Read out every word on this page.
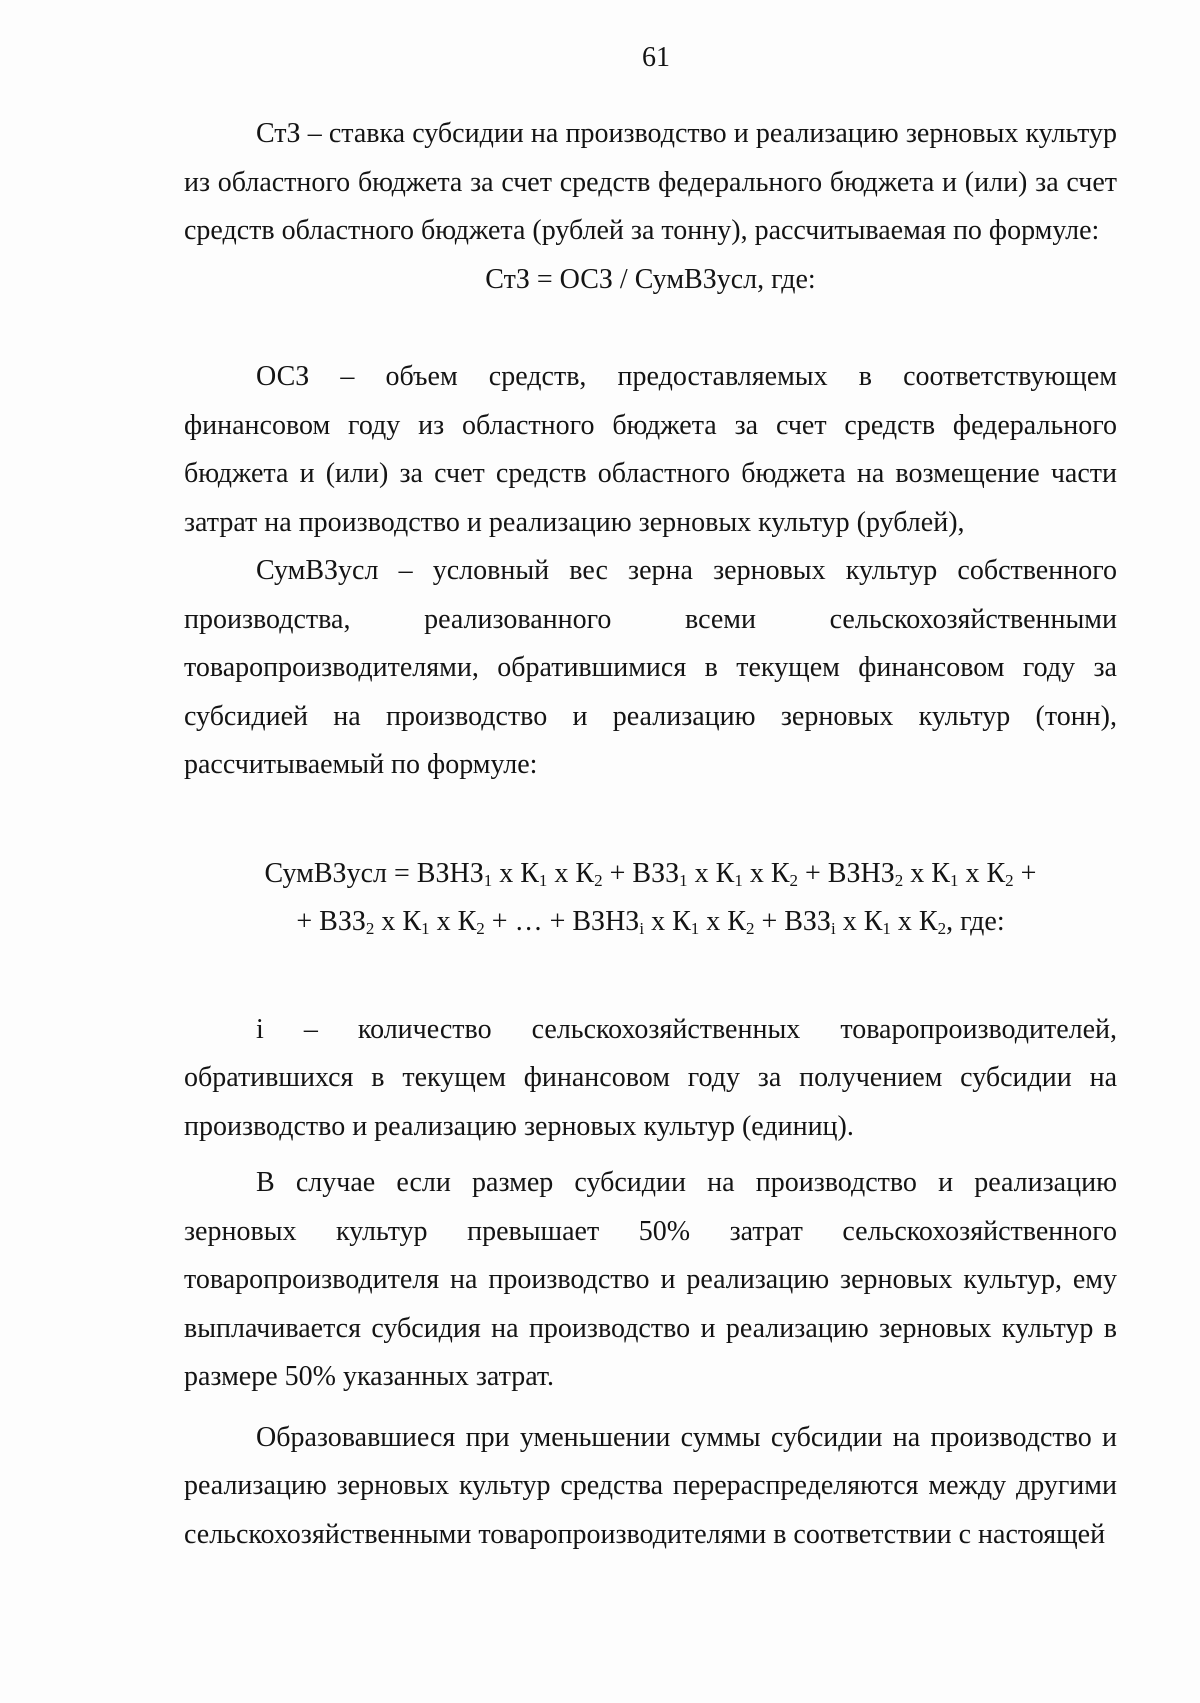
61

СтЗ – ставка субсидии на производство и реализацию зерновых культур из областного бюджета за счет средств федерального бюджета и (или) за счет средств областного бюджета (рублей за тонну), рассчитываемая по формуле:

СтЗ = ОСЗ / СумВЗусл, где:

ОСЗ – объем средств, предоставляемых в соответствующем финансовом году из областного бюджета за счет средств федерального бюджета и (или) за счет средств областного бюджета на возмещение части затрат на производство и реализацию зерновых культур (рублей),

СумВЗусл – условный вес зерна зерновых культур собственного производства, реализованного всеми сельскохозяйственными товаропроизводителями, обратившимися в текущем финансовом году за субсидией на производство и реализацию зерновых культур (тонн), рассчитываемый по формуле:

СумВЗусл = $ВЗНЗ_1$ x $К_1$ x $К_2 + ВЗЗ_1$ x $К_1$ x $К_2$ + $ВЗНЗ_2$ x $К_1$ x $К_2$ +
+ $ВЗЗ_2$ x $К_1$ x $К_2$ + … + $ВЗНЗ_i$ x $К_1$ x $К_2 + ВЗЗ_i$ x $К_1$ x $К_2$, где:

i – количество сельскохозяйственных товаропроизводителей, обратившихся в текущем финансовом году за получением субсидии на производство и реализацию зерновых культур (единиц).

В случае если размер субсидии на производство и реализацию зерновых культур превышает 50% затрат сельскохозяйственного товаропроизводителя на производство и реализацию зерновых культур, ему выплачивается субсидия на производство и реализацию зерновых культур в размере 50% указанных затрат.

Образовавшиеся при уменьшении суммы субсидии на производство и реализацию зерновых культур средства перераспределяются между другими сельскохозяйственными товаропроизводителями в соответствии с настоящей
